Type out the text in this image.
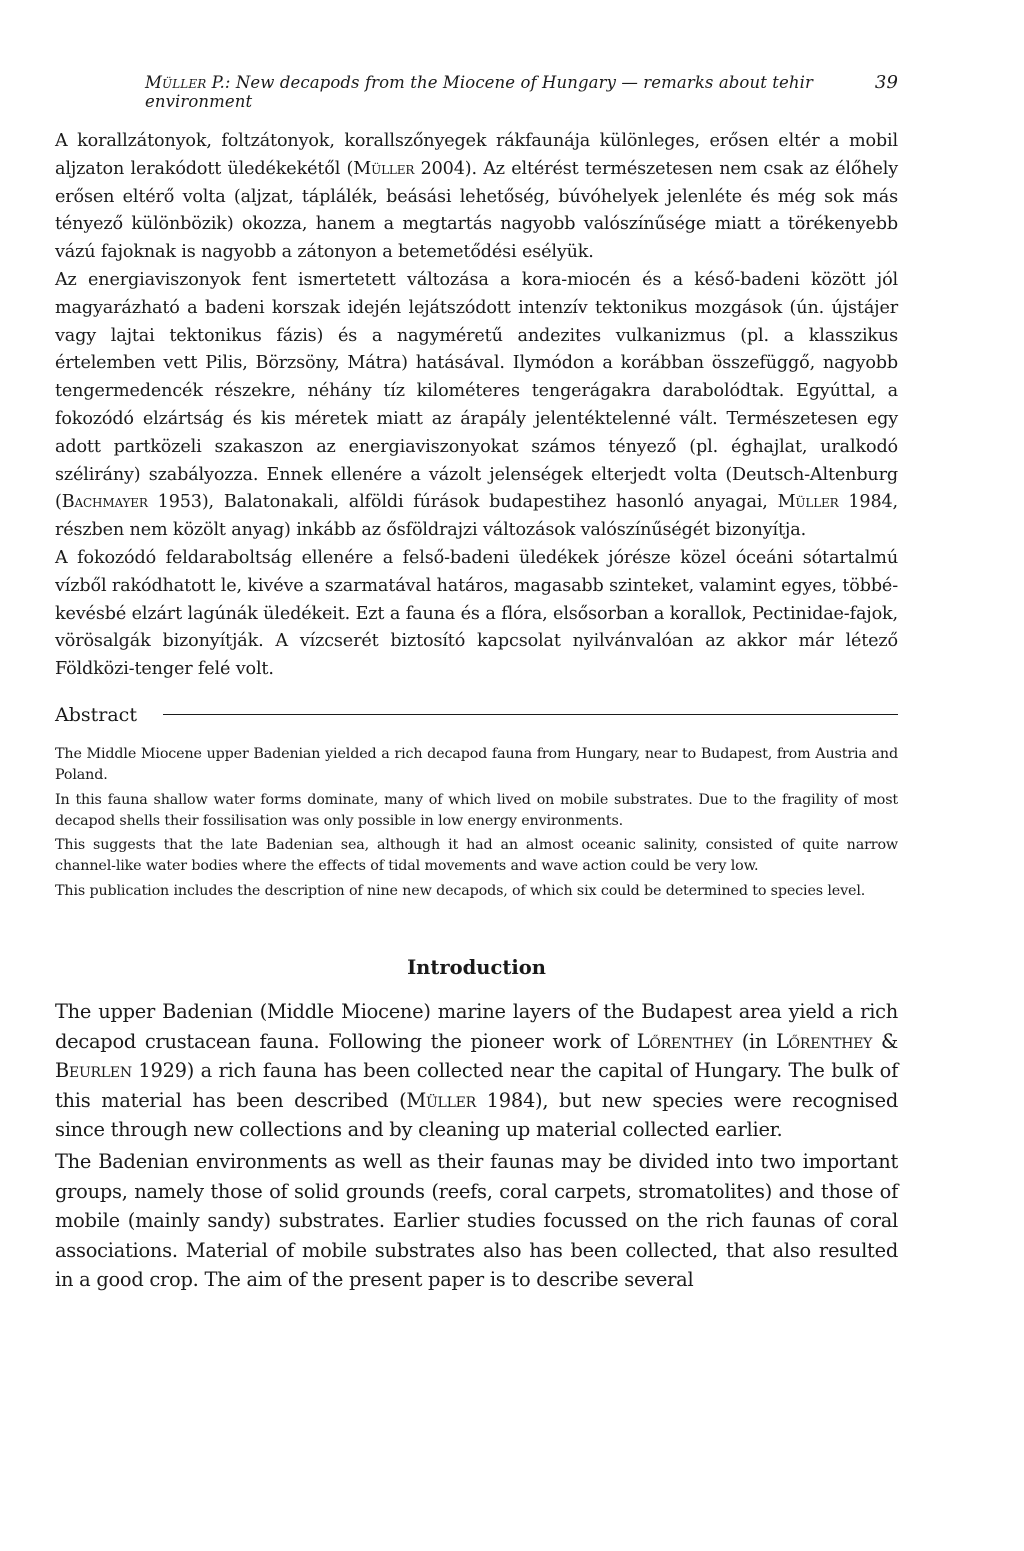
Müller P.: New decapods from the Miocene of Hungary — remarks about tehir environment
39

A korallzátonyok, foltzátonyok, korallszőnyegek rákfaunája különleges, erősen eltér a mobil aljzaton lerakódott üledékekétől (Müller 2004). Az eltérést természetesen nem csak az élőhely erősen eltérő volta (aljzat, táplálék, beásási lehetőség, búvóhelyek jelenléte és még sok más tényező különbözik) okozza, hanem a megtartás nagyobb valószínűsége miatt a törékenyebb vázú fajoknak is nagyobb a zátonyon a betemetődési esélyük.

Az energiaviszonyok fent ismertetett változása a kora-miocén és a késő-badeni között jól magyarázható a badeni korszak idején lejátszódott intenzív tektonikus mozgások (ún. újstájer vagy lajtai tektonikus fázis) és a nagyméretű andezites vulkanizmus (pl. a klasszikus értelemben vett Pilis, Börzsöny, Mátra) hatásával. Ilymódon a korábban összefüggő, nagyobb tengermedencék részekre, néhány tíz kilométeres tengerágakra darabolódtak. Egyúttal, a fokozódó elzártság és kis méretek miatt az árapály jelentéktelenné vált. Természetesen egy adott partközeli szakaszon az energiaviszonyokat számos tényező (pl. éghajlat, uralkodó szélirány) szabályozza. Ennek ellenére a vázolt jelenségek elterjedt volta (Deutsch-Altenburg (Bachmayer 1953), Balatonakali, alföldi fúrások budapestihez hasonló anyagai, Müller 1984, részben nem közölt anyag) inkább az ősföldrajzi változások valószínűségét bizonyítja.

A fokozódó feldaraboltság ellenére a felső-badeni üledékek jórésze közel óceáni sótartalmú vízből rakódhatott le, kivéve a szarmatával határos, magasabb szinteket, valamint egyes, többé-kevésbé elzárt lagúnák üledékeit. Ezt a fauna és a flóra, elsősorban a korallok, Pectinidae-fajok, vörösalgák bizonyítják. A vízcserét biztosító kapcsolat nyilvánvalóan az akkor már létező Földközi-tenger felé volt.

Abstract

The Middle Miocene upper Badenian yielded a rich decapod fauna from Hungary, near to Budapest, from Austria and Poland.

In this fauna shallow water forms dominate, many of which lived on mobile substrates. Due to the fragility of most decapod shells their fossilisation was only possible in low energy environments.

This suggests that the late Badenian sea, although it had an almost oceanic salinity, consisted of quite narrow channel-like water bodies where the effects of tidal movements and wave action could be very low.

This publication includes the description of nine new decapods, of which six could be determined to species level.

Introduction

The upper Badenian (Middle Miocene) marine layers of the Budapest area yield a rich decapod crustacean fauna. Following the pioneer work of Lőrenthey (in Lőrenthey & Beurlen 1929) a rich fauna has been collected near the capital of Hungary. The bulk of this material has been described (Müller 1984), but new species were recognised since through new collections and by cleaning up material collected earlier.

The Badenian environments as well as their faunas may be divided into two important groups, namely those of solid grounds (reefs, coral carpets, stromatolites) and those of mobile (mainly sandy) substrates. Earlier studies focussed on the rich faunas of coral associations. Material of mobile substrates also has been collected, that also resulted in a good crop. The aim of the present paper is to describe several
